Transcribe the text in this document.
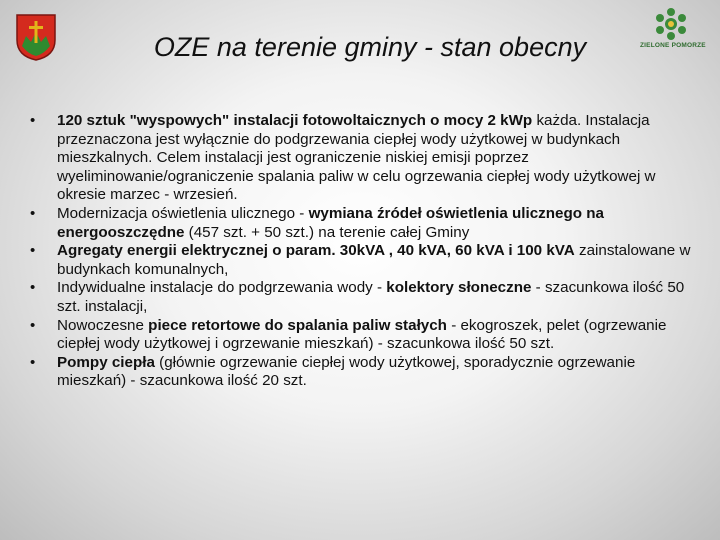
ZIELONE POMORZE
OZE na terenie gminy - stan obecny
• 120 sztuk "wyspowych" instalacji fotowoltaicznych o mocy 2 kWp każda. Instalacja przeznaczona jest wyłącznie do podgrzewania ciepłej wody użytkowej w budynkach mieszkalnych. Celem instalacji jest ograniczenie niskiej emisji poprzez wyeliminowanie/ograniczenie spalania paliw w celu ogrzewania ciepłej wody użytkowej w okresie marzec - wrzesień.
• Modernizacja oświetlenia ulicznego - wymiana źródeł oświetlenia ulicznego na energooszczędne (457 szt. + 50 szt.) na terenie całej Gminy
• Agregaty energii elektrycznej o param. 30kVA , 40 kVA, 60 kVA i 100 kVA zainstalowane w budynkach komunalnych,
• Indywidualne instalacje do podgrzewania wody - kolektory słoneczne - szacunkowa ilość 50 szt. instalacji,
• Nowoczesne piece retortowe do spalania paliw stałych - ekogroszek, pelet (ogrzewanie ciepłej wody użytkowej i ogrzewanie mieszkań) - szacunkowa ilość 50 szt.
• Pompy ciepła (głównie ogrzewanie ciepłej wody użytkowej, sporadycznie ogrzewanie mieszkań) - szacunkowa ilość 20 szt.
